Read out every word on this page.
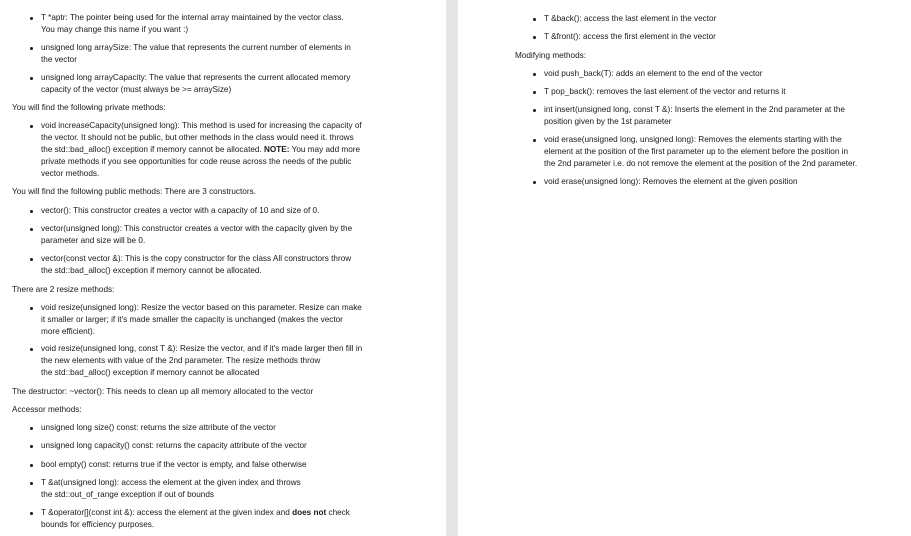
T *aptr: The pointer being used for the internal array maintained by the vector class.
You may change this name if you want :)
unsigned long arraySize: The value that represents the current number of elements in
the vector
unsigned long arrayCapacity: The value that represents the current allocated memory
capacity of the vector (must always be >= arraySize)
You will find the following private methods:
void increaseCapacity(unsigned long): This method is used for increasing the capacity of
the vector. It should not be public, but other methods in the class would need it. throws
the std::bad_alloc() exception if memory cannot be allocated. NOTE: You may add more
private methods if you see opportunities for code reuse across the needs of the public
vector methods.
You will find the following public methods: There are 3 constructors.
vector(): This constructor creates a vector with a capacity of 10 and size of 0.
vector(unsigned long): This constructor creates a vector with the capacity given by the
parameter and size will be 0.
vector(const vector &): This is the copy constructor for the class All constructors throw
the std::bad_alloc() exception if memory cannot be allocated.
There are 2 resize methods:
void resize(unsigned long): Resize the vector based on this parameter. Resize can make
it smaller or larger; if it's made smaller the capacity is unchanged (makes the vector
more efficient).
void resize(unsigned long, const T &): Resize the vector, and if it's made larger then fill in
the new elements with value of the 2nd parameter. The resize methods throw
the std::bad_alloc() exception if memory cannot be allocated
The destructor: ~vector(): This needs to clean up all memory allocated to the vector
Accessor methods:
unsigned long size() const: returns the size attribute of the vector
unsigned long capacity() const: returns the capacity attribute of the vector
bool empty() const: returns true if the vector is empty, and false otherwise
T &at(unsigned long): access the element at the given index and throws
the std::out_of_range exception if out of bounds
T &operator[](const int &): access the element at the given index and does not check
bounds for efficiency purposes.
T &back(): access the last element in the vector
T &front(): access the first element in the vector
Modifying methods:
void push_back(T): adds an element to the end of the vector
T pop_back(): removes the last element of the vector and returns it
int insert(unsigned long, const T &): Inserts the element in the 2nd parameter at the
position given by the 1st parameter
void erase(unsigned long, unsigned long): Removes the elements starting with the
element at the position of the first parameter up to the element before the position in
the 2nd parameter i.e. do not remove the element at the position of the 2nd parameter.
void erase(unsigned long): Removes the element at the given position
